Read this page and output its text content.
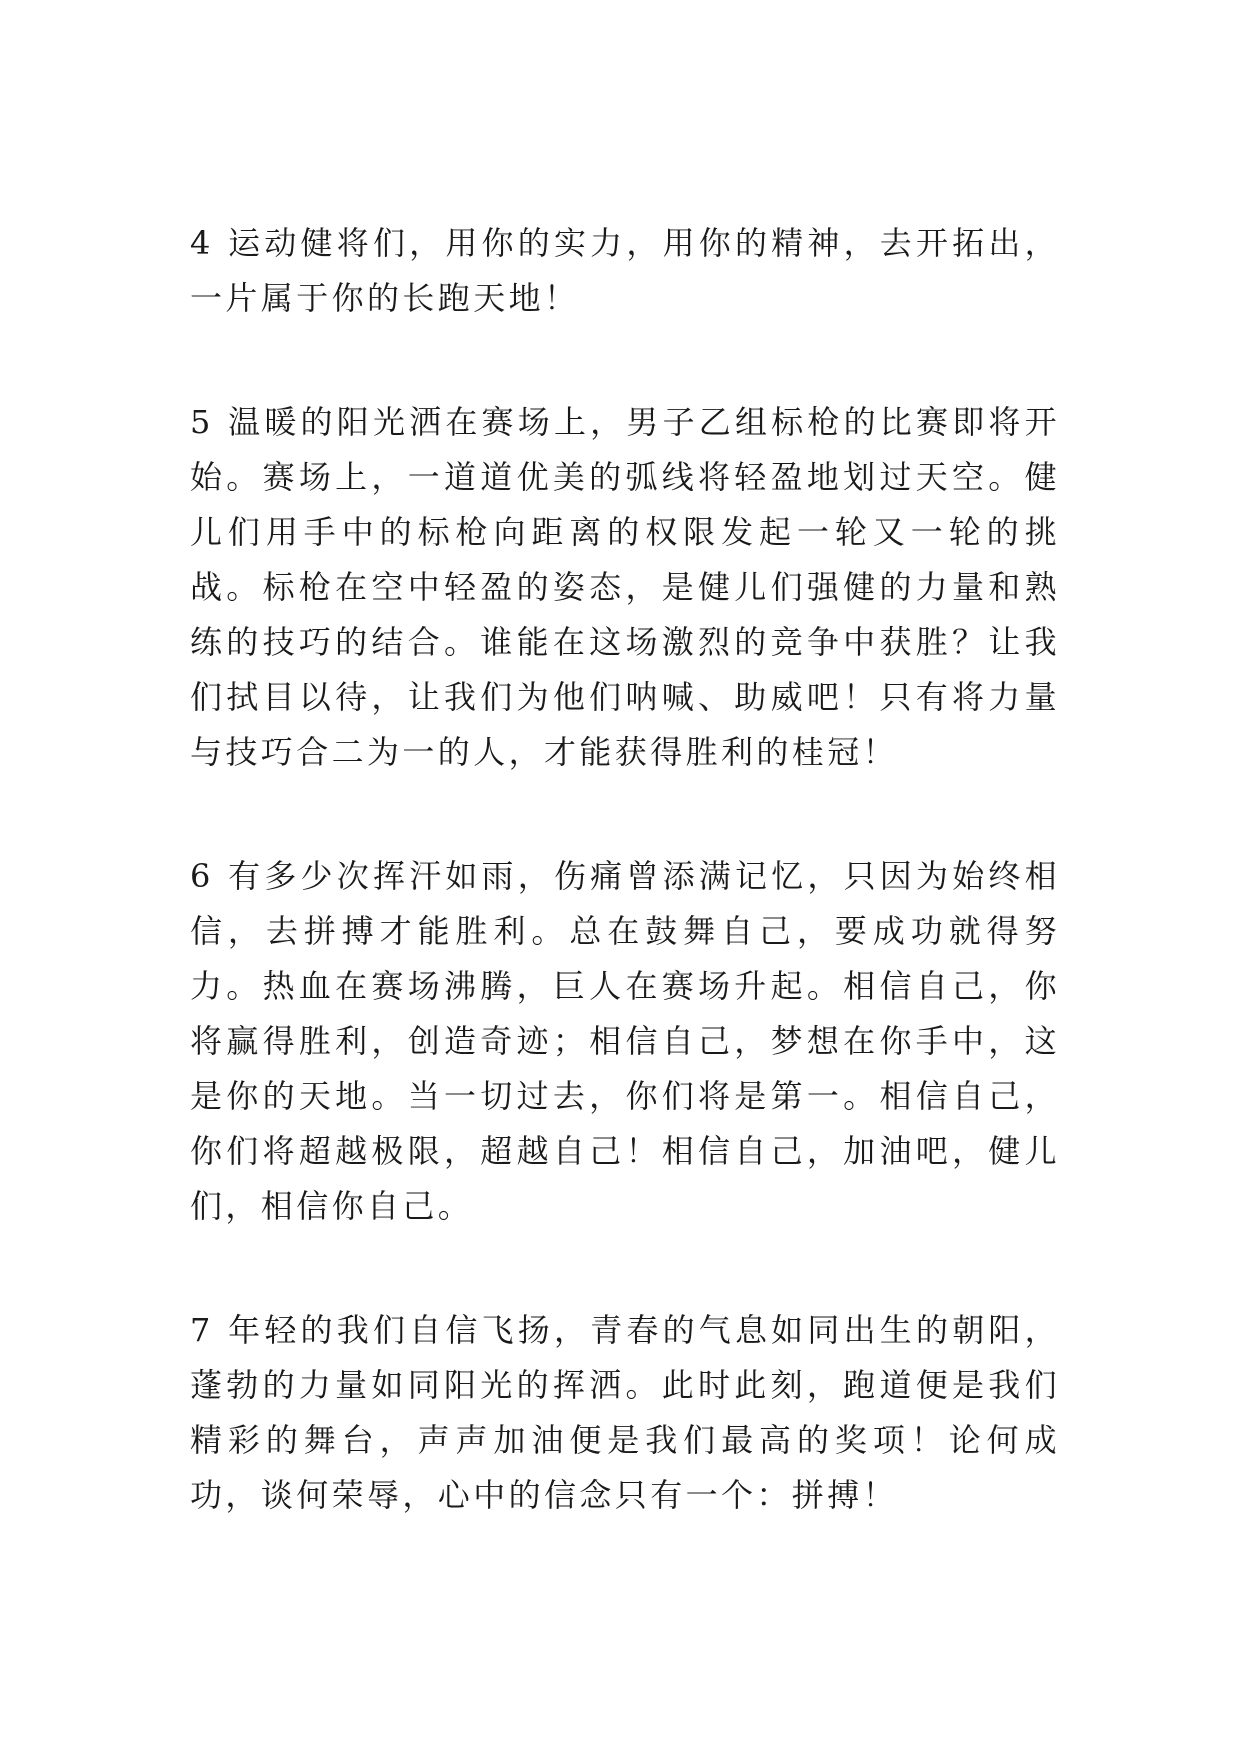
4 运动健将们，用你的实力，用你的精神，去开拓出，一片属于你的长跑天地！

5 温暖的阳光洒在赛场上，男子乙组标枪的比赛即将开始。赛场上，一道道优美的弧线将轻盈地划过天空。健儿们用手中的标枪向距离的权限发起一轮又一轮的挑战。标枪在空中轻盈的姿态，是健儿们强健的力量和熟练的技巧的结合。谁能在这场激烈的竞争中获胜？让我们拭目以待，让我们为他们呐喊、助威吧！只有将力量与技巧合二为一的人，才能获得胜利的桂冠！

6 有多少次挥汗如雨，伤痛曾添满记忆，只因为始终相信，去拼搏才能胜利。总在鼓舞自己，要成功就得努力。热血在赛场沸腾，巨人在赛场升起。相信自己，你将赢得胜利，创造奇迹；相信自己，梦想在你手中，这是你的天地。当一切过去，你们将是第一。相信自己，你们将超越极限，超越自己！相信自己，加油吧，健儿们，相信你自己。

7 年轻的我们自信飞扬，青春的气息如同出生的朝阳，蓬勃的力量如同阳光的挥洒。此时此刻，跑道便是我们精彩的舞台，声声加油便是我们最高的奖项！论何成功，谈何荣辱，心中的信念只有一个：拼搏！
